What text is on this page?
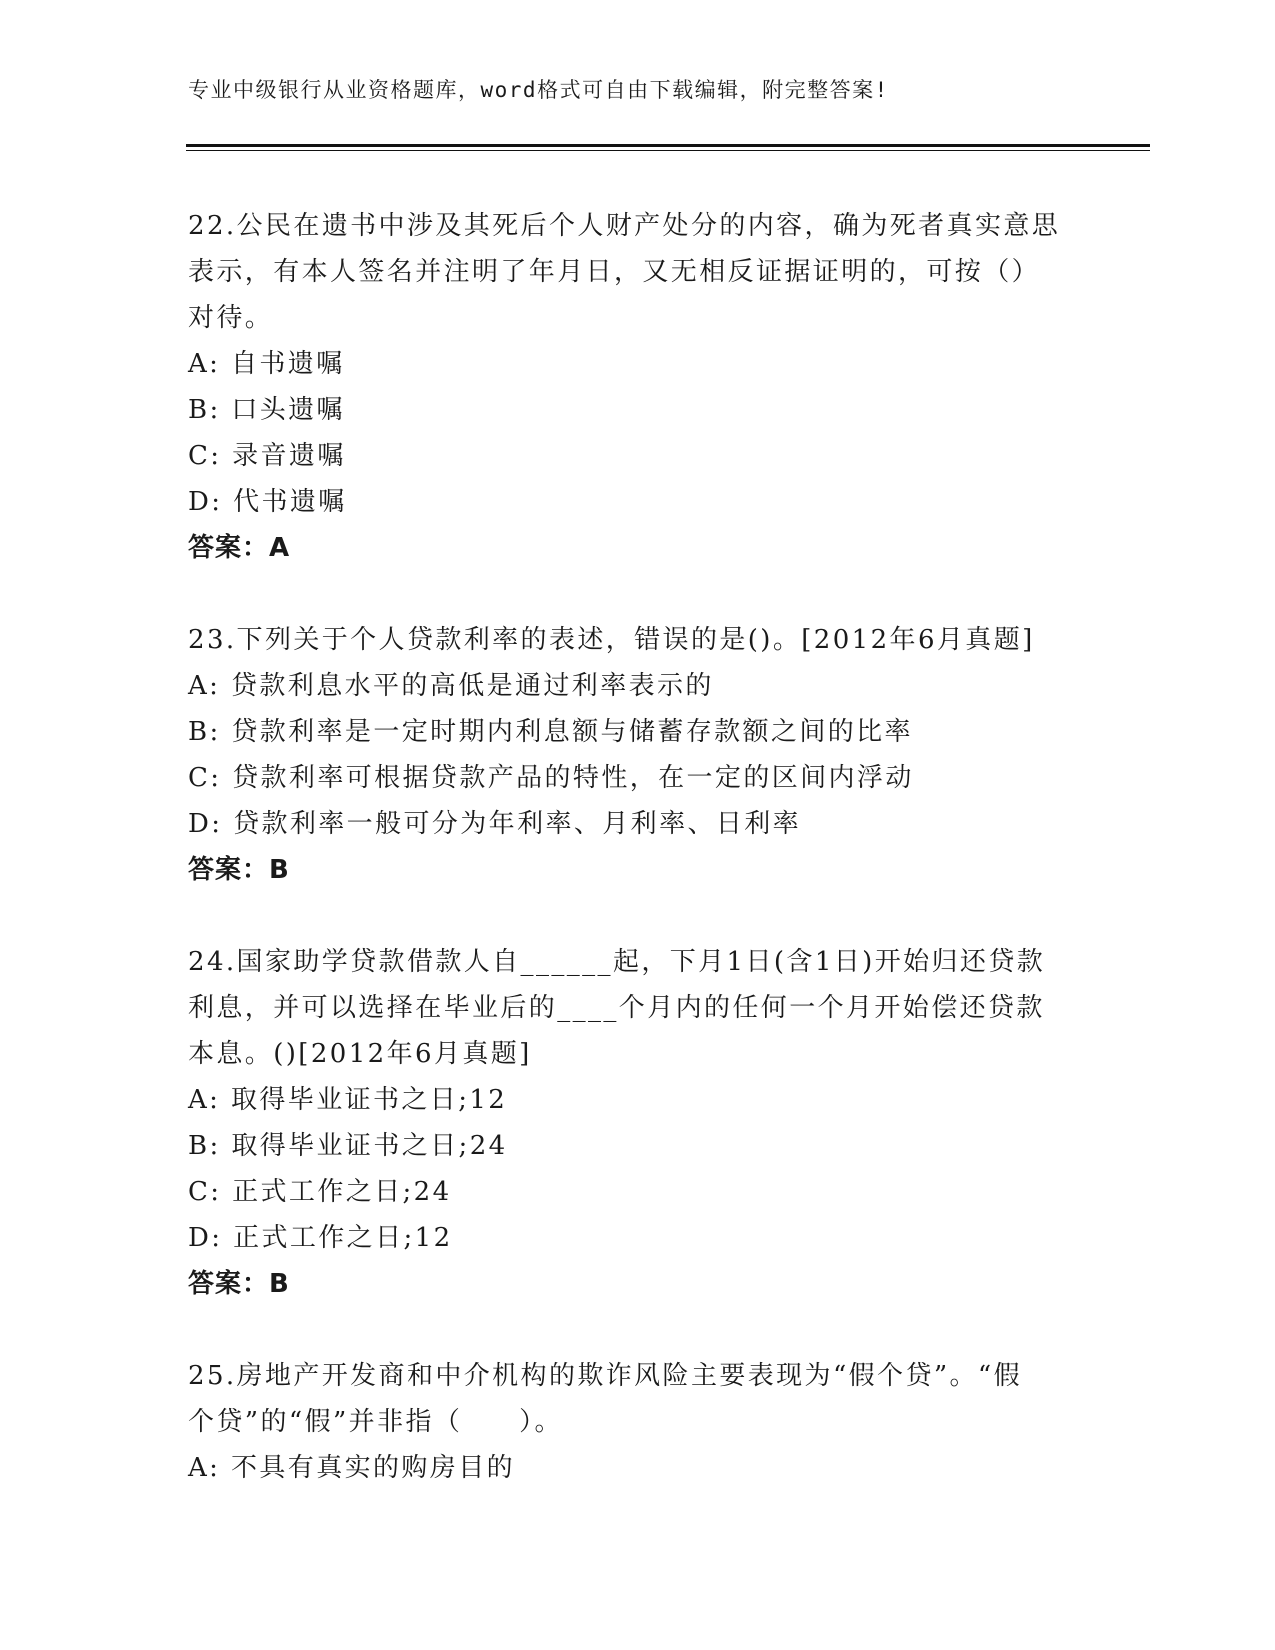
专业中级银行从业资格题库，word格式可自由下载编辑，附完整答案!
22.公民在遗书中涉及其死后个人财产处分的内容，确为死者真实意思
表示，有本人签名并注明了年月日，又无相反证据证明的，可按（）
对待。
A: 自书遗嘱
B: 口头遗嘱
C: 录音遗嘱
D: 代书遗嘱
答案：A
23.下列关于个人贷款利率的表述，错误的是()。[2012年6月真题]
A: 贷款利息水平的高低是通过利率表示的
B: 贷款利率是一定时期内利息额与储蓄存款额之间的比率
C: 贷款利率可根据贷款产品的特性，在一定的区间内浮动
D: 贷款利率一般可分为年利率、月利率、日利率
答案：B
24.国家助学贷款借款人自______起，下月1日(含1日)开始归还贷款
利息，并可以选择在毕业后的____个月内的任何一个月开始偿还贷款
本息。()[2012年6月真题]
A: 取得毕业证书之日;12
B: 取得毕业证书之日;24
C: 正式工作之日;24
D: 正式工作之日;12
答案：B
25.房地产开发商和中介机构的欺诈风险主要表现为“假个贷”。“假
个贷”的“假”并非指（　　）。
A: 不具有真实的购房目的
